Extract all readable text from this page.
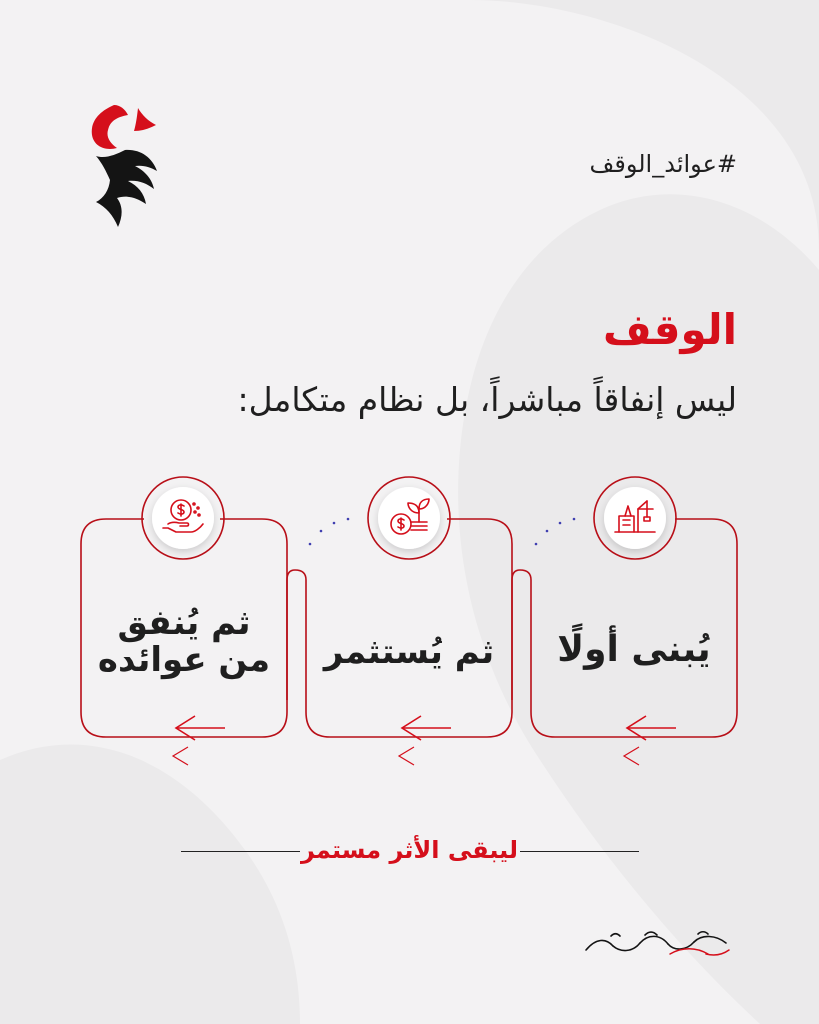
#عوائد_الوقف
الوقف
ليس إنفاقاً مباشراً، بل نظام متكامل:
يُبنى أولًا
ثم يُستثمر
ثم يُنفق
من عوائده
ليبقى الأثر مستمر
